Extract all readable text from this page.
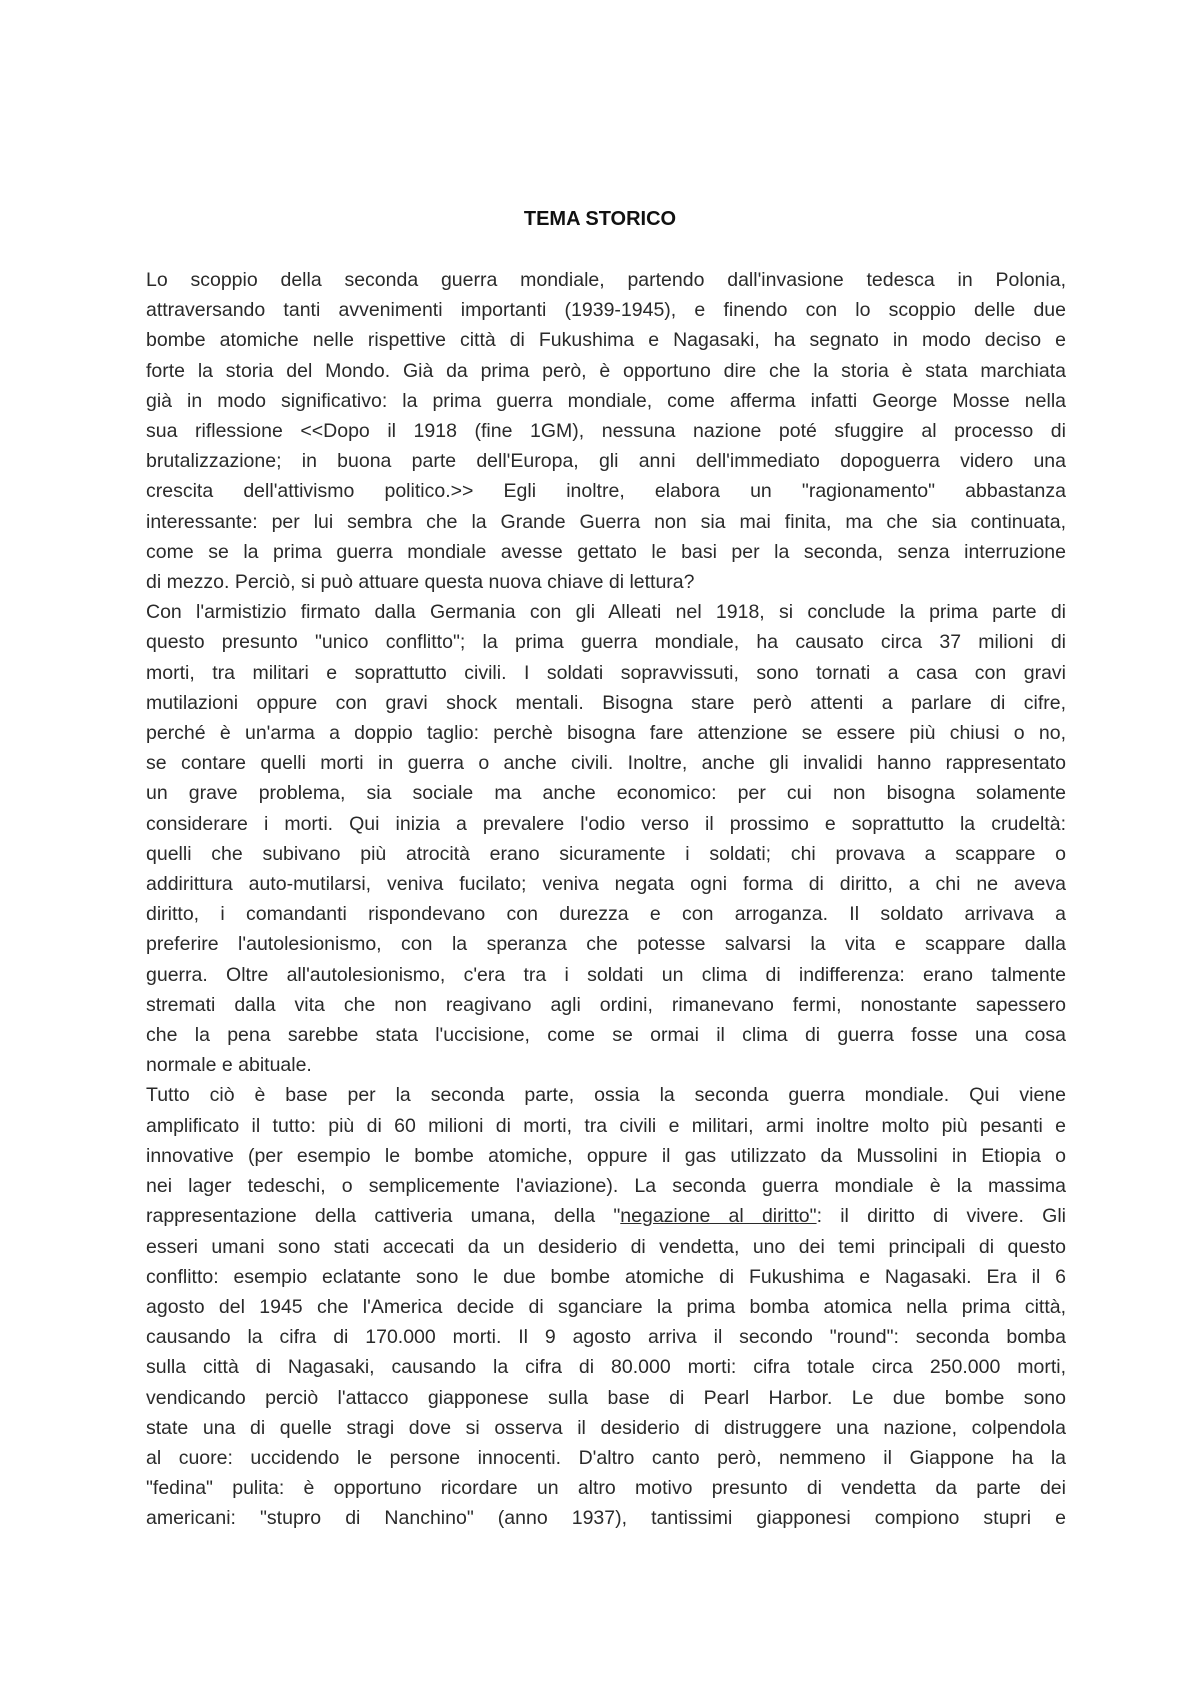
TEMA STORICO
Lo scoppio della seconda guerra mondiale, partendo dall'invasione tedesca in Polonia,
attraversando tanti avvenimenti importanti (1939-1945), e finendo con lo scoppio delle due
bombe atomiche nelle rispettive città di Fukushima e Nagasaki, ha segnato in modo deciso e
forte la storia del Mondo. Già da prima però, è opportuno dire che la storia è stata marchiata
già in modo significativo: la prima guerra mondiale, come afferma infatti George Mosse nella
sua riflessione <<Dopo il 1918 (fine 1GM), nessuna nazione poté sfuggire al processo di
brutalizzazione; in buona parte dell'Europa, gli anni dell'immediato dopoguerra videro una
crescita dell'attivismo politico.>> Egli inoltre, elabora un "ragionamento" abbastanza
interessante: per lui sembra che la Grande Guerra non sia mai finita, ma che sia continuata,
come se la prima guerra mondiale avesse gettato le basi per la seconda, senza interruzione
di mezzo. Perciò, si può attuare questa nuova chiave di lettura?
Con l'armistizio firmato dalla Germania con gli Alleati nel 1918, si conclude la prima parte di
questo presunto "unico conflitto"; la prima guerra mondiale, ha causato circa 37 milioni di
morti, tra militari e soprattutto civili. I soldati sopravvissuti, sono tornati a casa con gravi
mutilazioni oppure con gravi shock mentali. Bisogna stare però attenti a parlare di cifre,
perché è un'arma a doppio taglio: perchè bisogna fare attenzione se essere più chiusi o no,
se contare quelli morti in guerra o anche civili. Inoltre, anche gli invalidi hanno rappresentato
un grave problema, sia sociale ma anche economico: per cui non bisogna solamente
considerare i morti. Qui inizia a prevalere l'odio verso il prossimo e soprattutto la crudeltà:
quelli che subivano più atrocità erano sicuramente i soldati; chi provava a scappare o
addirittura auto-mutilarsi, veniva fucilato; veniva negata ogni forma di diritto, a chi ne aveva
diritto, i comandanti rispondevano con durezza e con arroganza. Il soldato arrivava a
preferire l'autolesionismo, con la speranza che potesse salvarsi la vita e scappare dalla
guerra. Oltre all'autolesionismo, c'era tra i soldati un clima di indifferenza: erano talmente
stremati dalla vita che non reagivano agli ordini, rimanevano fermi, nonostante sapessero
che la pena sarebbe stata l'uccisione, come se ormai il clima di guerra fosse una cosa
normale e abituale.
Tutto ciò è base per la seconda parte, ossia la seconda guerra mondiale. Qui viene
amplificato il tutto: più di 60 milioni di morti, tra civili e militari, armi inoltre molto più pesanti e
innovative (per esempio le bombe atomiche, oppure il gas utilizzato da Mussolini in Etiopia o
nei lager tedeschi, o semplicemente l'aviazione). La seconda guerra mondiale è la massima
rappresentazione della cattiveria umana, della "negazione al diritto": il diritto di vivere. Gli
esseri umani sono stati accecati da un desiderio di vendetta, uno dei temi principali di questo
conflitto: esempio eclatante sono le due bombe atomiche di Fukushima e Nagasaki. Era il 6
agosto del 1945 che l'America decide di sganciare la prima bomba atomica nella prima città,
causando la cifra di 170.000 morti. Il 9 agosto arriva il secondo "round": seconda bomba
sulla città di Nagasaki, causando la cifra di 80.000 morti: cifra totale circa 250.000 morti,
vendicando perciò l'attacco giapponese sulla base di Pearl Harbor. Le due bombe sono
state una di quelle stragi dove si osserva il desiderio di distruggere una nazione, colpendola
al cuore: uccidendo le persone innocenti. D'altro canto però, nemmeno il Giappone ha la
"fedina" pulita: è opportuno ricordare un altro motivo presunto di vendetta da parte dei
americani: "stupro di Nanchino" (anno 1937), tantissimi giapponesi compiono stupri e
